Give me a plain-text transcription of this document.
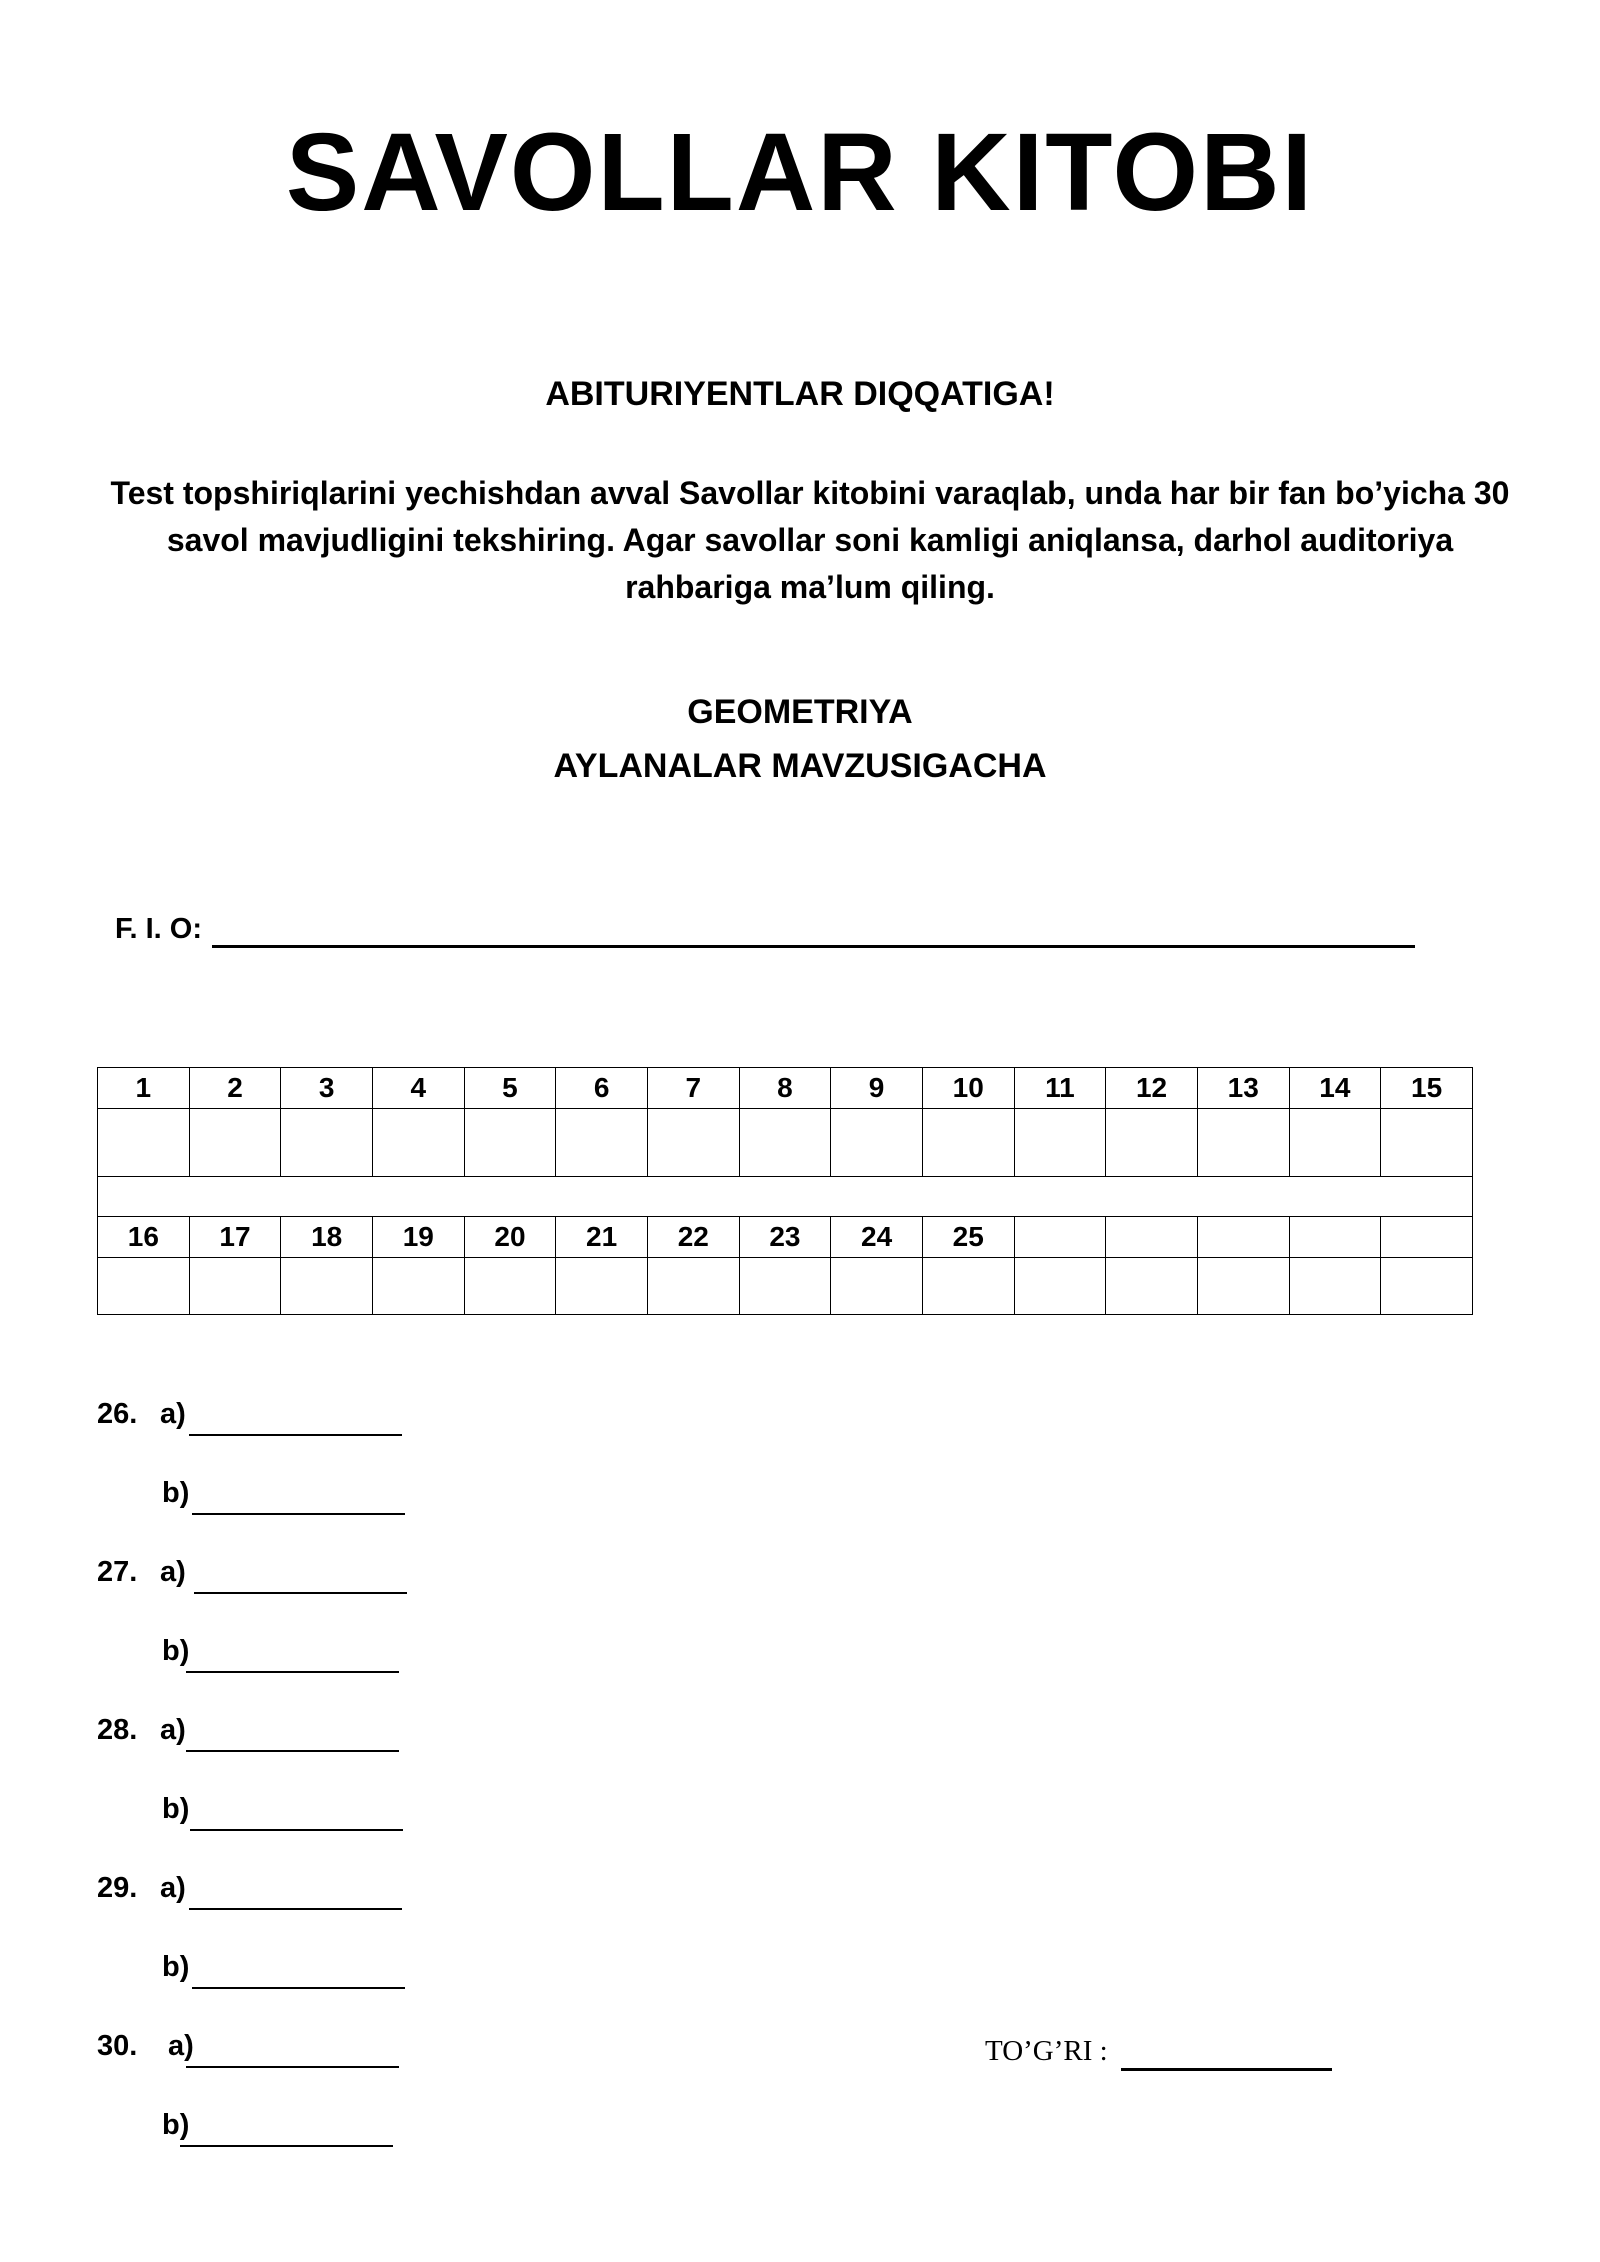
SAVOLLAR KITOBI
ABITURIYENTLAR DIQQATIGA!
Test topshiriqlarini yechishdan avval Savollar kitobini varaqlab, unda har bir fan bo’yicha 30 savol mavjudligini tekshiring. Agar savollar soni kamligi aniqlansa, darhol auditoriya rahbariga ma’lum qiling.
GEOMETRIYA
AYLANALAR MAVZUSIGACHA
F. I. O:
1	2	3	4	5	6	7	8	9	10	11	12	13	14	15

16	17	18	19	20	21	22	23	24	25					

26. a)
b)
27. a)
b)
28. a)
b)
29. a)
b)
30. a)
b)
TO’G’RI :
